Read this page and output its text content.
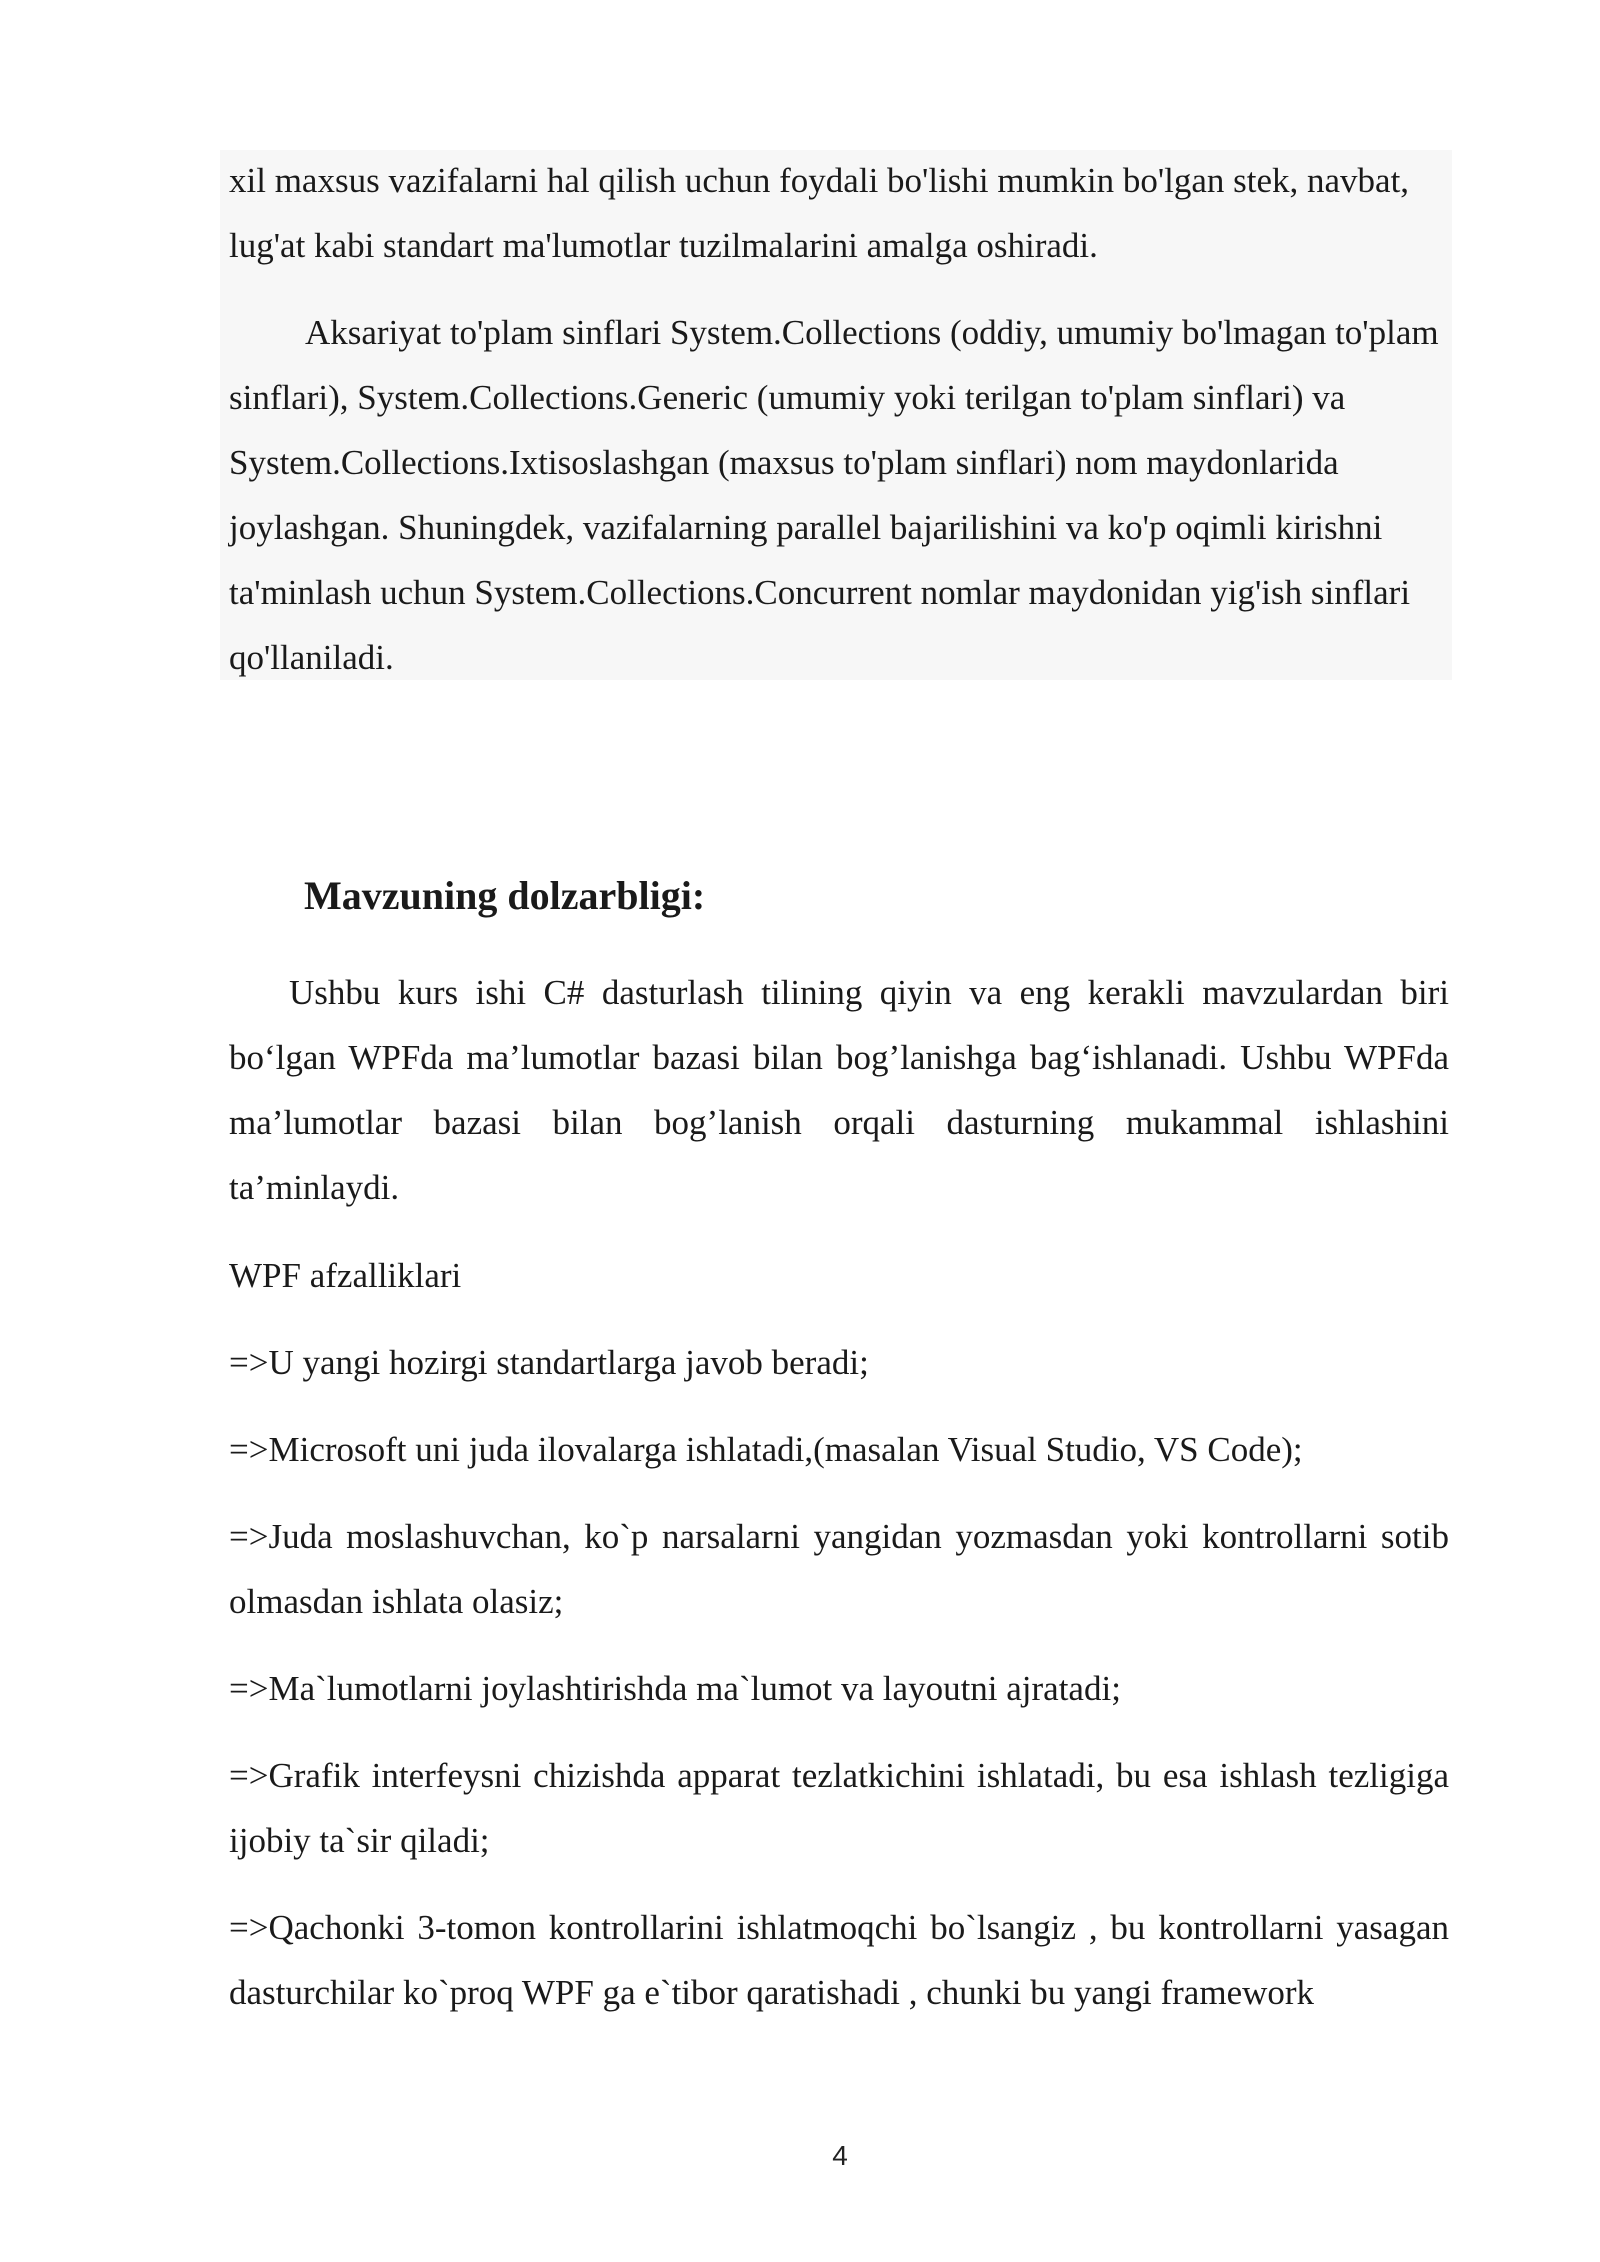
xil maxsus vazifalarni hal qilish uchun foydali bo'lishi mumkin bo'lgan stek, navbat, lug'at kabi standart ma'lumotlar tuzilmalarini amalga oshiradi.
Aksariyat to'plam sinflari System.Collections (oddiy, umumiy bo'lmagan to'plam sinflari), System.Collections.Generic (umumiy yoki terilgan to'plam sinflari) va System.Collections.Ixtisoslashgan (maxsus to'plam sinflari) nom maydonlarida joylashgan. Shuningdek, vazifalarning parallel bajarilishini va ko'p oqimli kirishni ta'minlash uchun System.Collections.Concurrent nomlar maydonidan yig'ish sinflari qo'llaniladi.
Mavzuning dolzarbligi:
Ushbu kurs ishi C# dasturlash tilining qiyin va eng kerakli mavzulardan biri bo‘lgan WPFda ma’lumotlar bazasi bilan bog’lanishga bag‘ishlanadi. Ushbu WPFda ma’lumotlar bazasi bilan bog’lanish orqali dasturning mukammal ishlashini ta’minlaydi.
WPF afzalliklari
=>U yangi hozirgi standartlarga javob beradi;
=>Microsoft uni juda ilovalarga ishlatadi,(masalan Visual Studio, VS Code);
=>Juda moslashuvchan, ko`p narsalarni yangidan yozmasdan yoki kontrollarni sotib olmasdan ishlata olasiz;
=>Ma`lumotlarni joylashtirishda ma`lumot va layoutni ajratadi;
=>Grafik interfeysni chizishda apparat tezlatkichini ishlatadi, bu esa ishlash tezligiga ijobiy ta`sir qiladi;
=>Qachonki 3-tomon kontrollarini ishlatmoqchi bo`lsangiz , bu kontrollarni yasagan dasturchilar ko`proq WPF ga e`tibor qaratishadi , chunki bu yangi framework
4
